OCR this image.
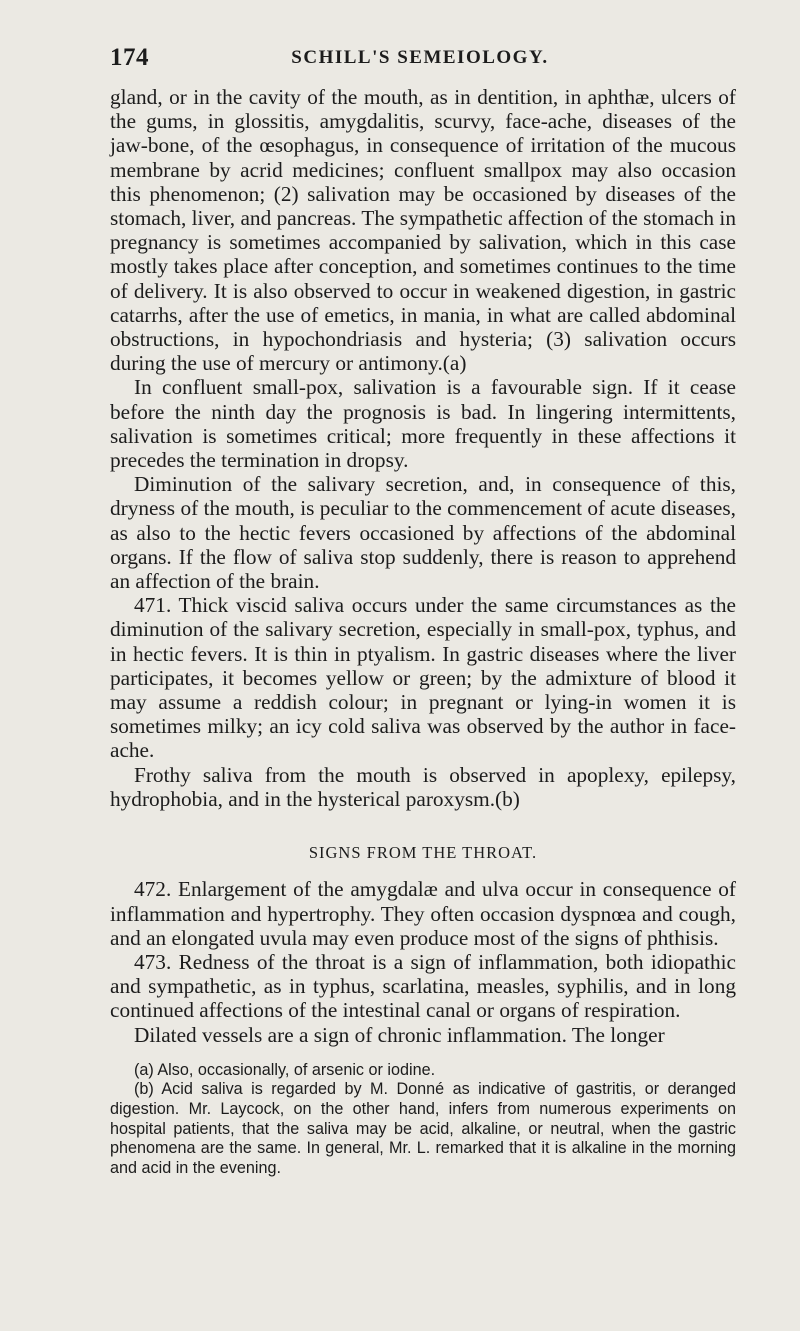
174	SCHILL'S SEMEIOLOGY.

gland, or in the cavity of the mouth, as in dentition, in aphthæ, ulcers of the gums, in glossitis, amygdalitis, scurvy, face-ache, diseases of the jaw-bone, of the œsophagus, in consequence of irritation of the mucous membrane by acrid medicines; confluent smallpox may also occasion this phenomenon; (2) salivation may be occasioned by diseases of the stomach, liver, and pancreas. The sympathetic affection of the stomach in pregnancy is sometimes accompanied by salivation, which in this case mostly takes place after conception, and sometimes continues to the time of delivery. It is also observed to occur in weakened digestion, in gastric catarrhs, after the use of emetics, in mania, in what are called abdominal obstructions, in hypochondriasis and hysteria; (3) salivation occurs during the use of mercury or antimony.(a)

In confluent small-pox, salivation is a favourable sign. If it cease before the ninth day the prognosis is bad. In lingering intermittents, salivation is sometimes critical; more frequently in these affections it precedes the termination in dropsy.

Diminution of the salivary secretion, and, in consequence of this, dryness of the mouth, is peculiar to the commencement of acute diseases, as also to the hectic fevers occasioned by affections of the abdominal organs. If the flow of saliva stop suddenly, there is reason to apprehend an affection of the brain.

471. Thick viscid saliva occurs under the same circumstances as the diminution of the salivary secretion, especially in small-pox, typhus, and in hectic fevers. It is thin in ptyalism. In gastric diseases where the liver participates, it becomes yellow or green; by the admixture of blood it may assume a reddish colour; in pregnant or lying-in women it is sometimes milky; an icy cold saliva was observed by the author in face-ache.

Frothy saliva from the mouth is observed in apoplexy, epilepsy, hydrophobia, and in the hysterical paroxysm.(b)

SIGNS FROM THE THROAT.

472. Enlargement of the amygdalæ and ulva occur in consequence of inflammation and hypertrophy. They often occasion dyspnœa and cough, and an elongated uvula may even produce most of the signs of phthisis.

473. Redness of the throat is a sign of inflammation, both idiopathic and sympathetic, as in typhus, scarlatina, measles, syphilis, and in long continued affections of the intestinal canal or organs of respiration.

Dilated vessels are a sign of chronic inflammation. The longer

(a) Also, occasionally, of arsenic or iodine.

(b) Acid saliva is regarded by M. Donné as indicative of gastritis, or deranged digestion. Mr. Laycock, on the other hand, infers from numerous experiments on hospital patients, that the saliva may be acid, alkaline, or neutral, when the gastric phenomena are the same. In general, Mr. L. remarked that it is alkaline in the morning and acid in the evening.
